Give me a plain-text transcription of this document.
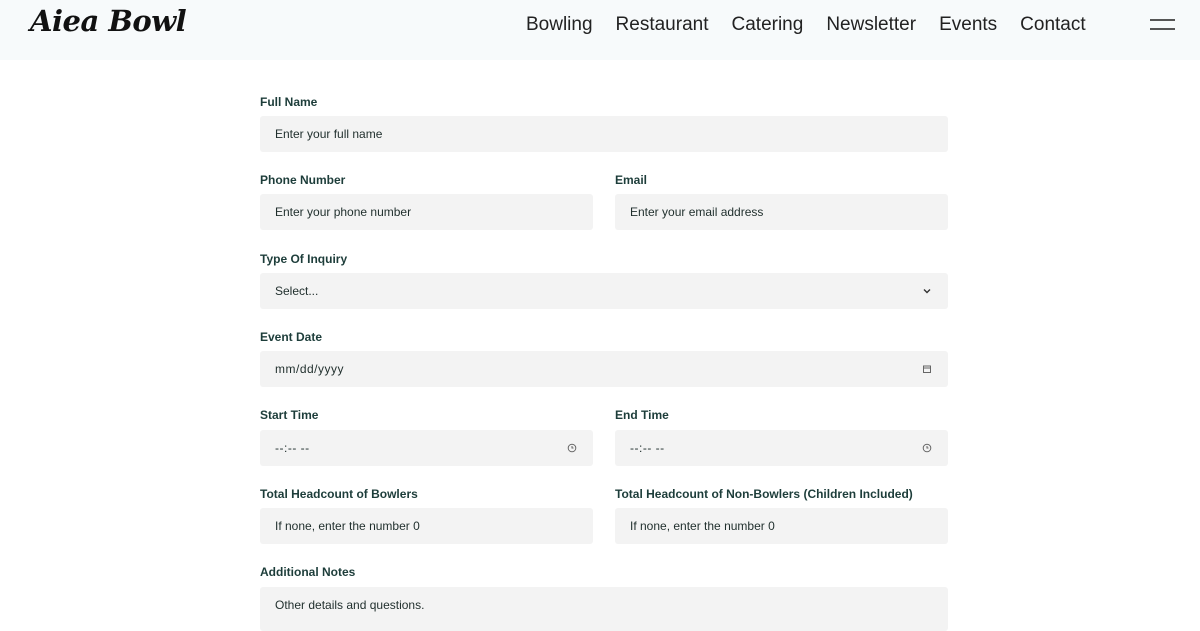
Aiea Bowl	Bowling Restaurant Catering Newsletter Events Contact
Full Name
Enter your full name
Phone Number
Enter your phone number
Email
Enter your email address
Type Of Inquiry
Select...
Event Date
mm/dd/yyyy
Start Time
--:-- --
End Time
--:-- --
Total Headcount of Bowlers
If none, enter the number 0
Total Headcount of Non-Bowlers (Children Included)
If none, enter the number 0
Additional Notes
Other details and questions.
